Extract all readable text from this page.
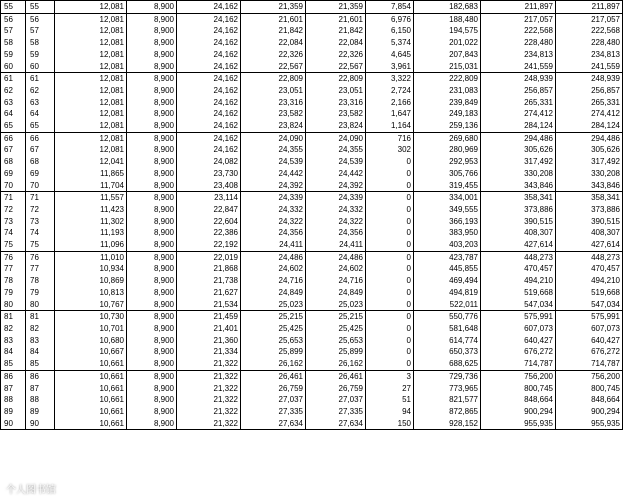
55	55	12,081	8,900	24,162	21,359	21,359	7,854	182,683	211,897	211,897
56	56	12,081	8,900	24,162	21,601	21,601	6,976	188,480	217,057	217,057
57	57	12,081	8,900	24,162	21,842	21,842	6,150	194,575	222,568	222,568
58	58	12,081	8,900	24,162	22,084	22,084	5,374	201,022	228,480	228,480
59	59	12,081	8,900	24,162	22,326	22,326	4,645	207,843	234,813	234,813
60	60	12,081	8,900	24,162	22,567	22,567	3,961	215,031	241,559	241,559
61	61	12,081	8,900	24,162	22,809	22,809	3,322	222,809	248,939	248,939
62	62	12,081	8,900	24,162	23,051	23,051	2,724	231,083	256,857	256,857
63	63	12,081	8,900	24,162	23,316	23,316	2,166	239,849	265,331	265,331
64	64	12,081	8,900	24,162	23,582	23,582	1,647	249,183	274,412	274,412
65	65	12,081	8,900	24,162	23,824	23,824	1,164	259,136	284,124	284,124
66	66	12,081	8,900	24,162	24,090	24,090	716	269,680	294,486	294,486
67	67	12,081	8,900	24,162	24,355	24,355	302	280,969	305,626	305,626
68	68	12,041	8,900	24,082	24,539	24,539	0	292,953	317,492	317,492
69	69	11,865	8,900	23,730	24,442	24,442	0	305,766	330,208	330,208
70	70	11,704	8,900	23,408	24,392	24,392	0	319,455	343,846	343,846
71	71	11,557	8,900	23,114	24,339	24,339	0	334,001	358,341	358,341
72	72	11,423	8,900	22,847	24,332	24,332	0	349,555	373,886	373,886
73	73	11,302	8,900	22,604	24,322	24,322	0	366,193	390,515	390,515
74	74	11,193	8,900	22,386	24,356	24,356	0	383,950	408,307	408,307
75	75	11,096	8,900	22,192	24,411	24,411	0	403,203	427,614	427,614
76	76	11,010	8,900	22,019	24,486	24,486	0	423,787	448,273	448,273
77	77	10,934	8,900	21,868	24,602	24,602	0	445,855	470,457	470,457
78	78	10,869	8,900	21,738	24,716	24,716	0	469,494	494,210	494,210
79	79	10,813	8,900	21,627	24,849	24,849	0	494,819	519,668	519,668
80	80	10,767	8,900	21,534	25,023	25,023	0	522,011	547,034	547,034
81	81	10,730	8,900	21,459	25,215	25,215	0	550,776	575,991	575,991
82	82	10,701	8,900	21,401	25,425	25,425	0	581,648	607,073	607,073
83	83	10,680	8,900	21,360	25,653	25,653	0	614,774	640,427	640,427
84	84	10,667	8,900	21,334	25,899	25,899	0	650,373	676,272	676,272
85	85	10,661	8,900	21,322	26,162	26,162	0	688,625	714,787	714,787
86	86	10,661	8,900	21,322	26,461	26,461	3	729,736	756,200	756,200
87	87	10,661	8,900	21,322	26,759	26,759	27	773,965	800,745	800,745
88	88	10,661	8,900	21,322	27,037	27,037	51	821,577	848,664	848,664
89	89	10,661	8,900	21,322	27,335	27,335	94	872,865	900,294	900,294
90	90	10,661	8,900	21,322	27,634	27,634	150	928,152	955,935	955,935
个人图书馆
